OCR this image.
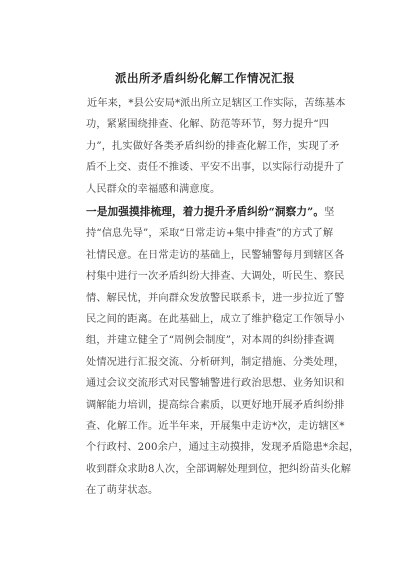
派出所矛盾纠纷化解工作情况汇报
近年来，*县公安局*派出所立足辖区工作实际，苦练基本
功，紧紧围绕排查、化解、防范等环节，努力提升“四
力”，扎实做好各类矛盾纠纷的排查化解工作，实现了矛
盾不上交、责任不推诿、平安不出事，以实际行动提升了
人民群众的幸福感和满意度。
一是加强摸排梳理，着力提升矛盾纠纷“洞察力”。坚
持“信息先导”，采取“日常走访+集中排查”的方式了解
社情民意。在日常走访的基础上，民警辅警每月到辖区各
村集中进行一次矛盾纠纷大排查、大调处，听民生、察民
情、解民忧，并向群众发放警民联系卡，进一步拉近了警
民之间的距离。在此基础上，成立了维护稳定工作领导小
组，并建立健全了“周例会制度”，对本周的纠纷排查调
处情况进行汇报交流、分析研判，制定措施、分类处理，
通过会议交流形式对民警辅警进行政治思想、业务知识和
调解能力培训，提高综合素质，以更好地开展矛盾纠纷排
查、化解工作。近半年来，开展集中走访*次，走访辖区*
个行政村、200余户，通过主动摸排，发现矛盾隐患*余起，
收到群众求助8人次，全部调解处理到位，把纠纷苗头化解
在了萌芽状态。
